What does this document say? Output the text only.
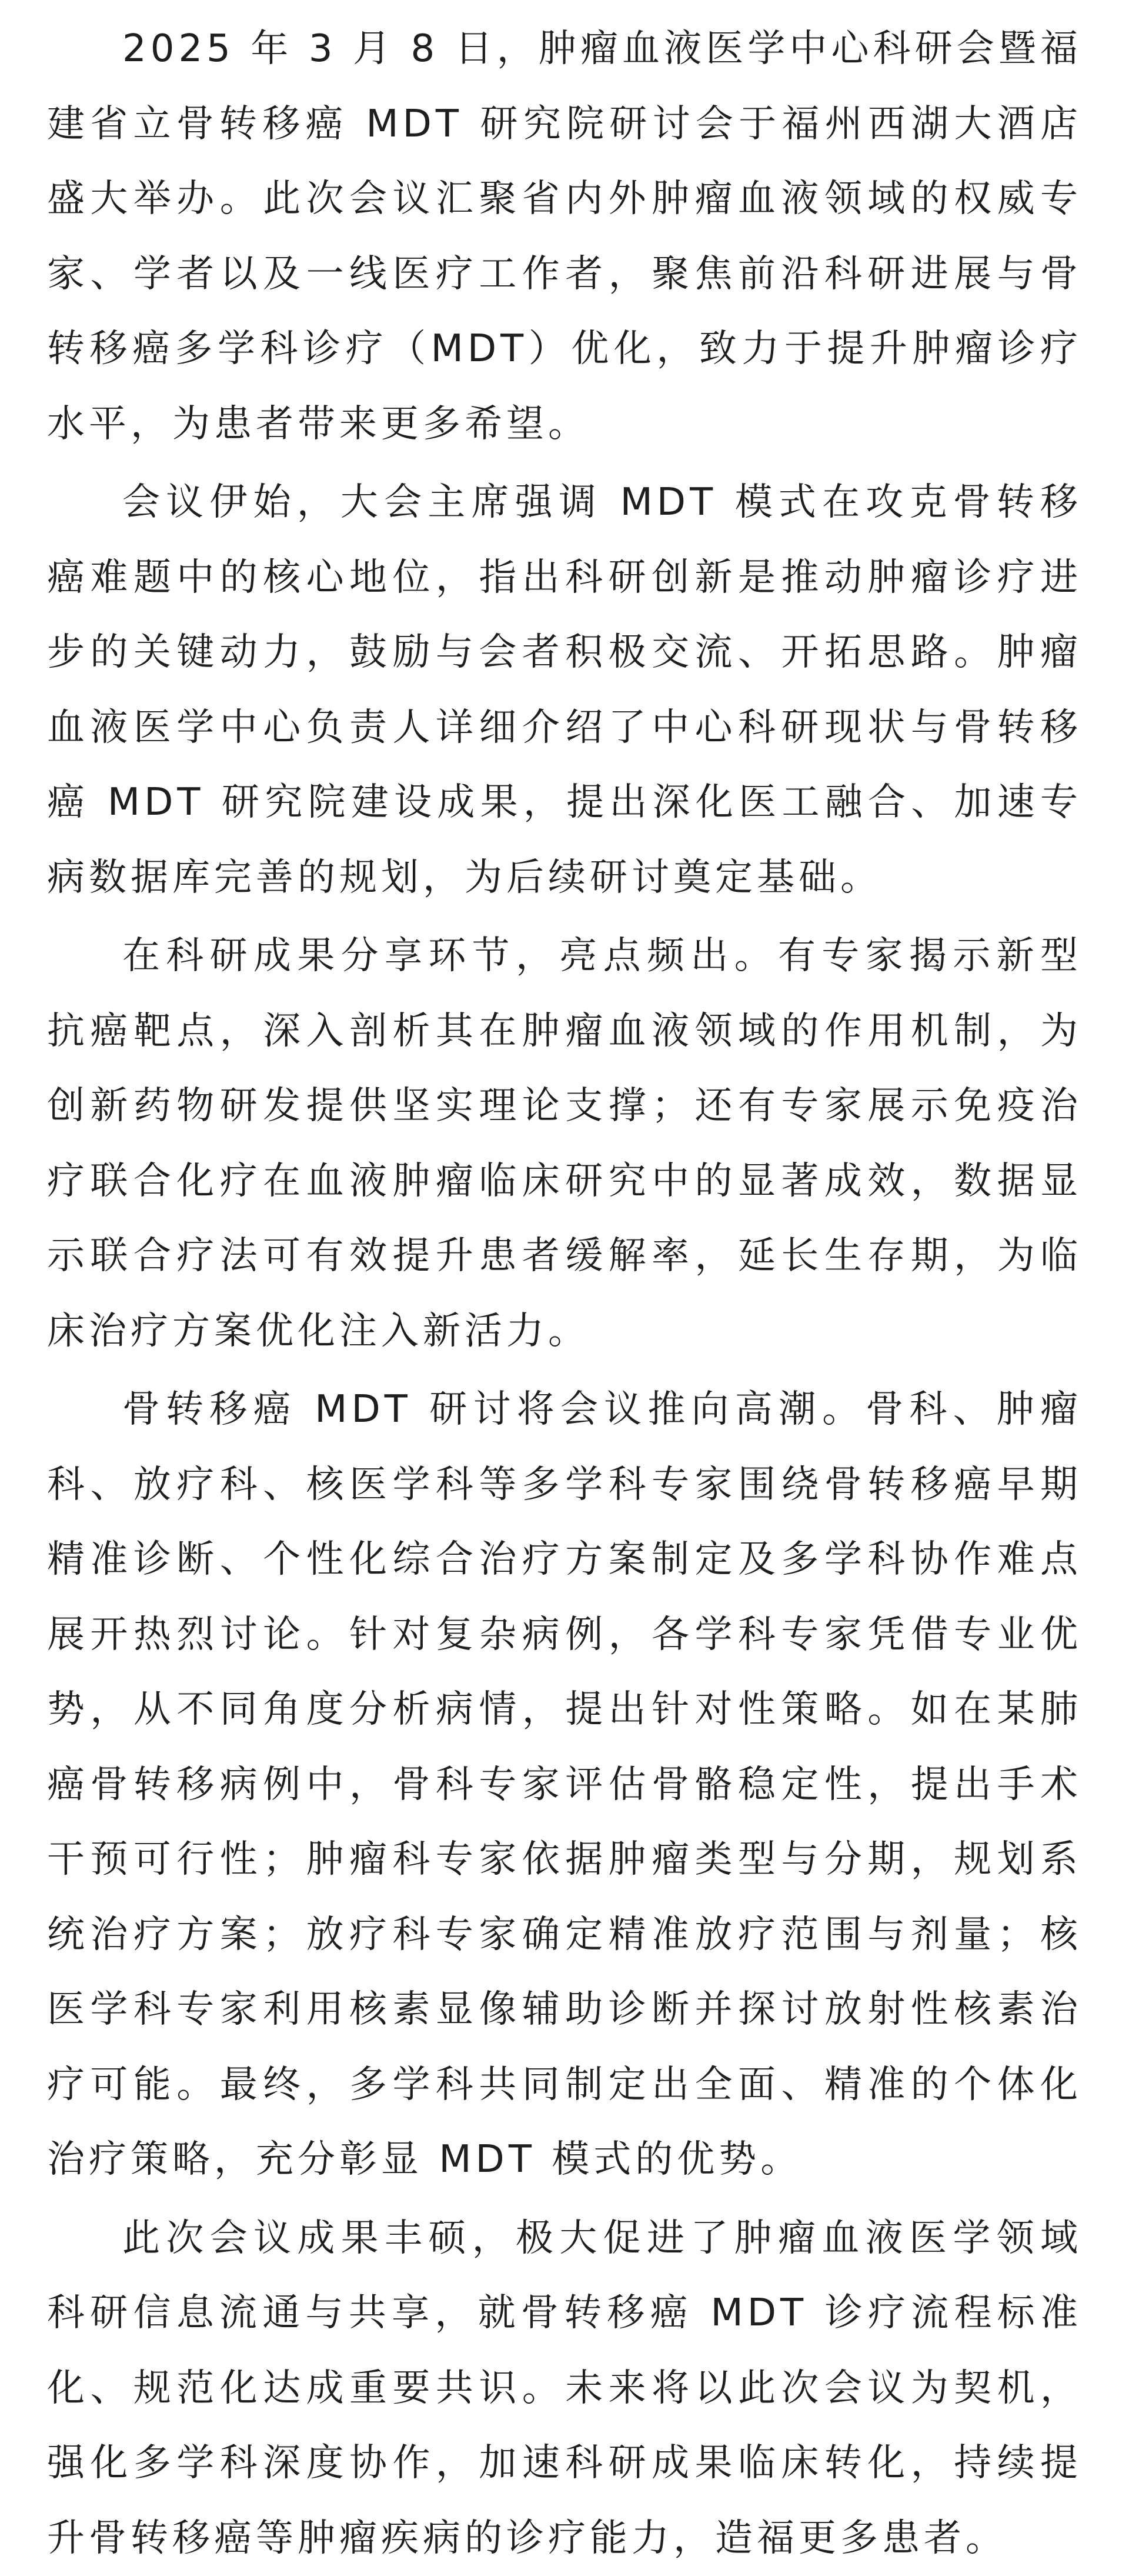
2025 年 3 月 8 日，肿瘤血液医学中心科研会暨福建省立骨转移癌 MDT 研究院研讨会于福州西湖大酒店盛大举办。此次会议汇聚省内外肿瘤血液领域的权威专家、学者以及一线医疗工作者，聚焦前沿科研进展与骨转移癌多学科诊疗（MDT）优化，致力于提升肿瘤诊疗水平，为患者带来更多希望。

会议伊始，大会主席强调 MDT 模式在攻克骨转移癌难题中的核心地位，指出科研创新是推动肿瘤诊疗进步的关键动力，鼓励与会者积极交流、开拓思路。肿瘤血液医学中心负责人详细介绍了中心科研现状与骨转移癌 MDT 研究院建设成果，提出深化医工融合、加速专病数据库完善的规划，为后续研讨奠定基础。

在科研成果分享环节，亮点频出。有专家揭示新型抗癌靶点，深入剖析其在肿瘤血液领域的作用机制，为创新药物研发提供坚实理论支撑；还有专家展示免疫治疗联合化疗在血液肿瘤临床研究中的显著成效，数据显示联合疗法可有效提升患者缓解率，延长生存期，为临床治疗方案优化注入新活力。

骨转移癌 MDT 研讨将会议推向高潮。骨科、肿瘤科、放疗科、核医学科等多学科专家围绕骨转移癌早期精准诊断、个性化综合治疗方案制定及多学科协作难点展开热烈讨论。针对复杂病例，各学科专家凭借专业优势，从不同角度分析病情，提出针对性策略。如在某肺癌骨转移病例中，骨科专家评估骨骼稳定性，提出手术干预可行性；肿瘤科专家依据肿瘤类型与分期，规划系统治疗方案；放疗科专家确定精准放疗范围与剂量；核医学科专家利用核素显像辅助诊断并探讨放射性核素治疗可能。最终，多学科共同制定出全面、精准的个体化治疗策略，充分彰显 MDT 模式的优势。

此次会议成果丰硕，极大促进了肿瘤血液医学领域科研信息流通与共享，就骨转移癌 MDT 诊疗流程标准化、规范化达成重要共识。未来将以此次会议为契机，强化多学科深度协作，加速科研成果临床转化，持续提升骨转移癌等肿瘤疾病的诊疗能力，造福更多患者。
